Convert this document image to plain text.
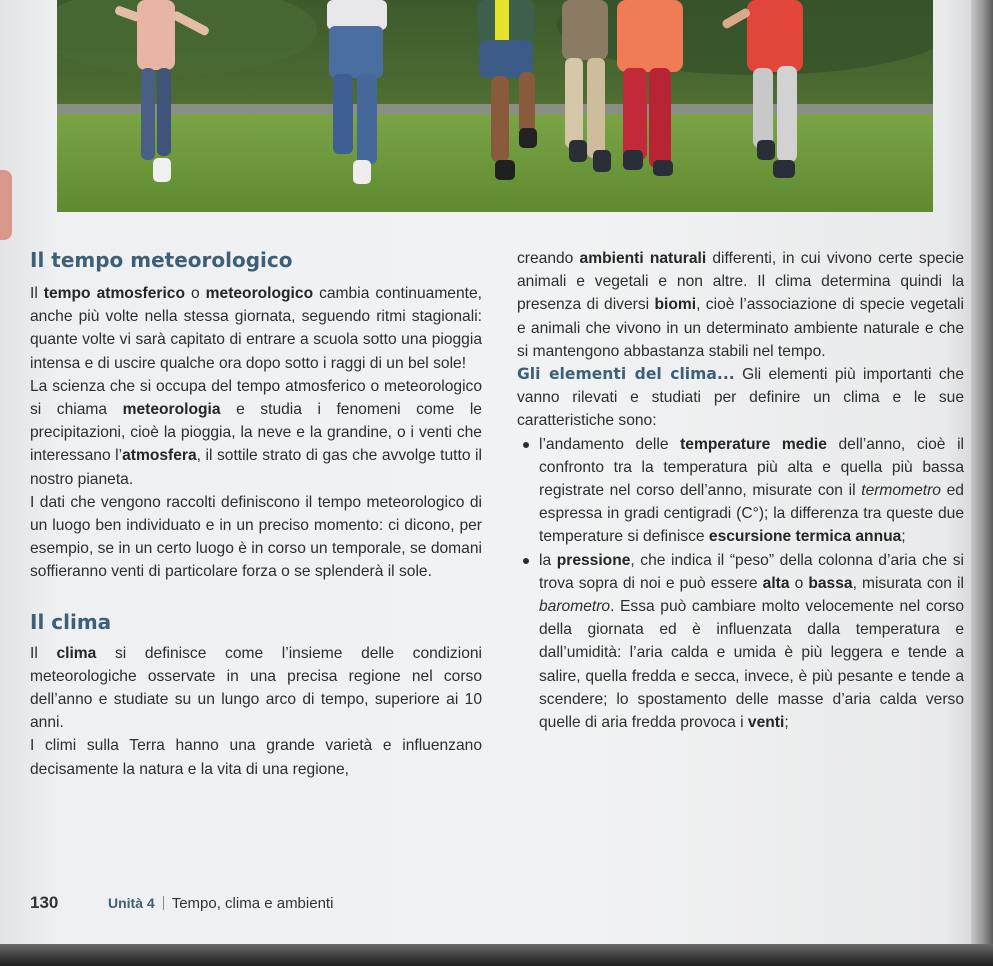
Il tempo meteorologico

Il tempo atmosferico o meteorologico cambia continuamente, anche più volte nella stessa giornata, seguendo ritmi stagionali: quante volte vi sarà capitato di entrare a scuola sotto una pioggia intensa e di uscire qualche ora dopo sotto i raggi di un bel sole!

La scienza che si occupa del tempo atmosferico o meteorologico si chiama meteorologia e studia i fenomeni come le precipitazioni, cioè la pioggia, la neve e la grandine, o i venti che interessano l’atmosfera, il sottile strato di gas che avvolge tutto il nostro pianeta.

I dati che vengono raccolti definiscono il tempo meteorologico di un luogo ben individuato e in un preciso momento: ci dicono, per esempio, se in un certo luogo è in corso un temporale, se domani soffieranno venti di particolare forza o se splenderà il sole.

Il clima

Il clima si definisce come l’insieme delle condizioni meteorologiche osservate in una precisa regione nel corso dell’anno e studiate su un lungo arco di tempo, superiore ai 10 anni.

I climi sulla Terra hanno una grande varietà e influenzano decisamente la natura e la vita di una regione,

creando ambienti naturali differenti, in cui vivono certe specie animali e vegetali e non altre. Il clima determina quindi la presenza di diversi biomi, cioè l’associazione di specie vegetali e animali che vivono in un determinato ambiente naturale e che si mantengono abbastanza stabili nel tempo.

Gli elementi del clima... Gli elementi più importanti che vanno rilevati e studiati per definire un clima e le sue caratteristiche sono:

l’andamento delle temperature medie dell’anno, cioè il confronto tra la temperatura più alta e quella più bassa registrate nel corso dell’anno, misurate con il termometro ed espressa in gradi centigradi (C°); la differenza tra queste due temperature si definisce escursione termica annua;
la pressione, che indica il “peso” della colonna d’aria che si trova sopra di noi e può essere alta o bassa, misurata con il barometro. Essa può cambiare molto velocemente nel corso della giornata ed è influenzata dalla temperatura e dall’umidità: l’aria calda e umida è più leggera e tende a salire, quella fredda e secca, invece, è più pesante e tende a scendere; lo spostamento delle masse d’aria calda verso quelle di aria fredda provoca i venti;
130	Unità 4 Tempo, clima e ambienti
